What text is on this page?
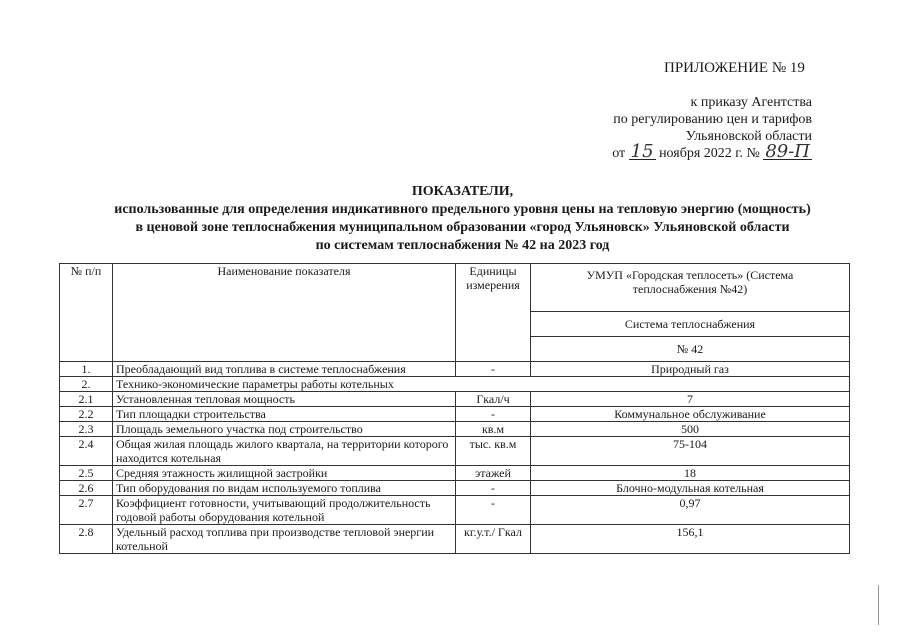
ПРИЛОЖЕНИЕ № 19
к приказу Агентства
по регулированию цен и тарифов
Ульяновской области
от 15 ноября 2022 г. № 89-П
ПОКАЗАТЕЛИ,
использованные для определения индикативного предельного уровня цены на тепловую энергию (мощность)
в ценовой зоне теплоснабжения муниципальном образовании «город Ульяновск» Ульяновской области
по системам теплоснабжения № 42 на 2023 год
№ п/п	Наименование показателя	Единицы измерения	УМУП «Городская теплосеть» (Система теплоснабжения №42)
			Система теплоснабжения
			№ 42
1.	Преобладающий вид топлива в системе теплоснабжения	-	Природный газ
2.	Технико-экономические параметры работы котельных		
2.1	Установленная тепловая мощность	Гкал/ч	7
2.2	Тип площадки строительства	-	Коммунальное обслуживание
2.3	Площадь земельного участка под строительство	кв.м	500
2.4	Общая жилая площадь жилого квартала, на территории которого находится котельная	тыс. кв.м	75-104
2.5	Средняя этажность жилищной застройки	этажей	18
2.6	Тип оборудования по видам используемого топлива	-	Блочно-модульная котельная
2.7	Коэффициент готовности, учитывающий продолжительность годовой работы оборудования котельной	-	0,97
2.8	Удельный расход топлива при производстве тепловой энергии котельной	кг.у.т./ Гкал	156,1
